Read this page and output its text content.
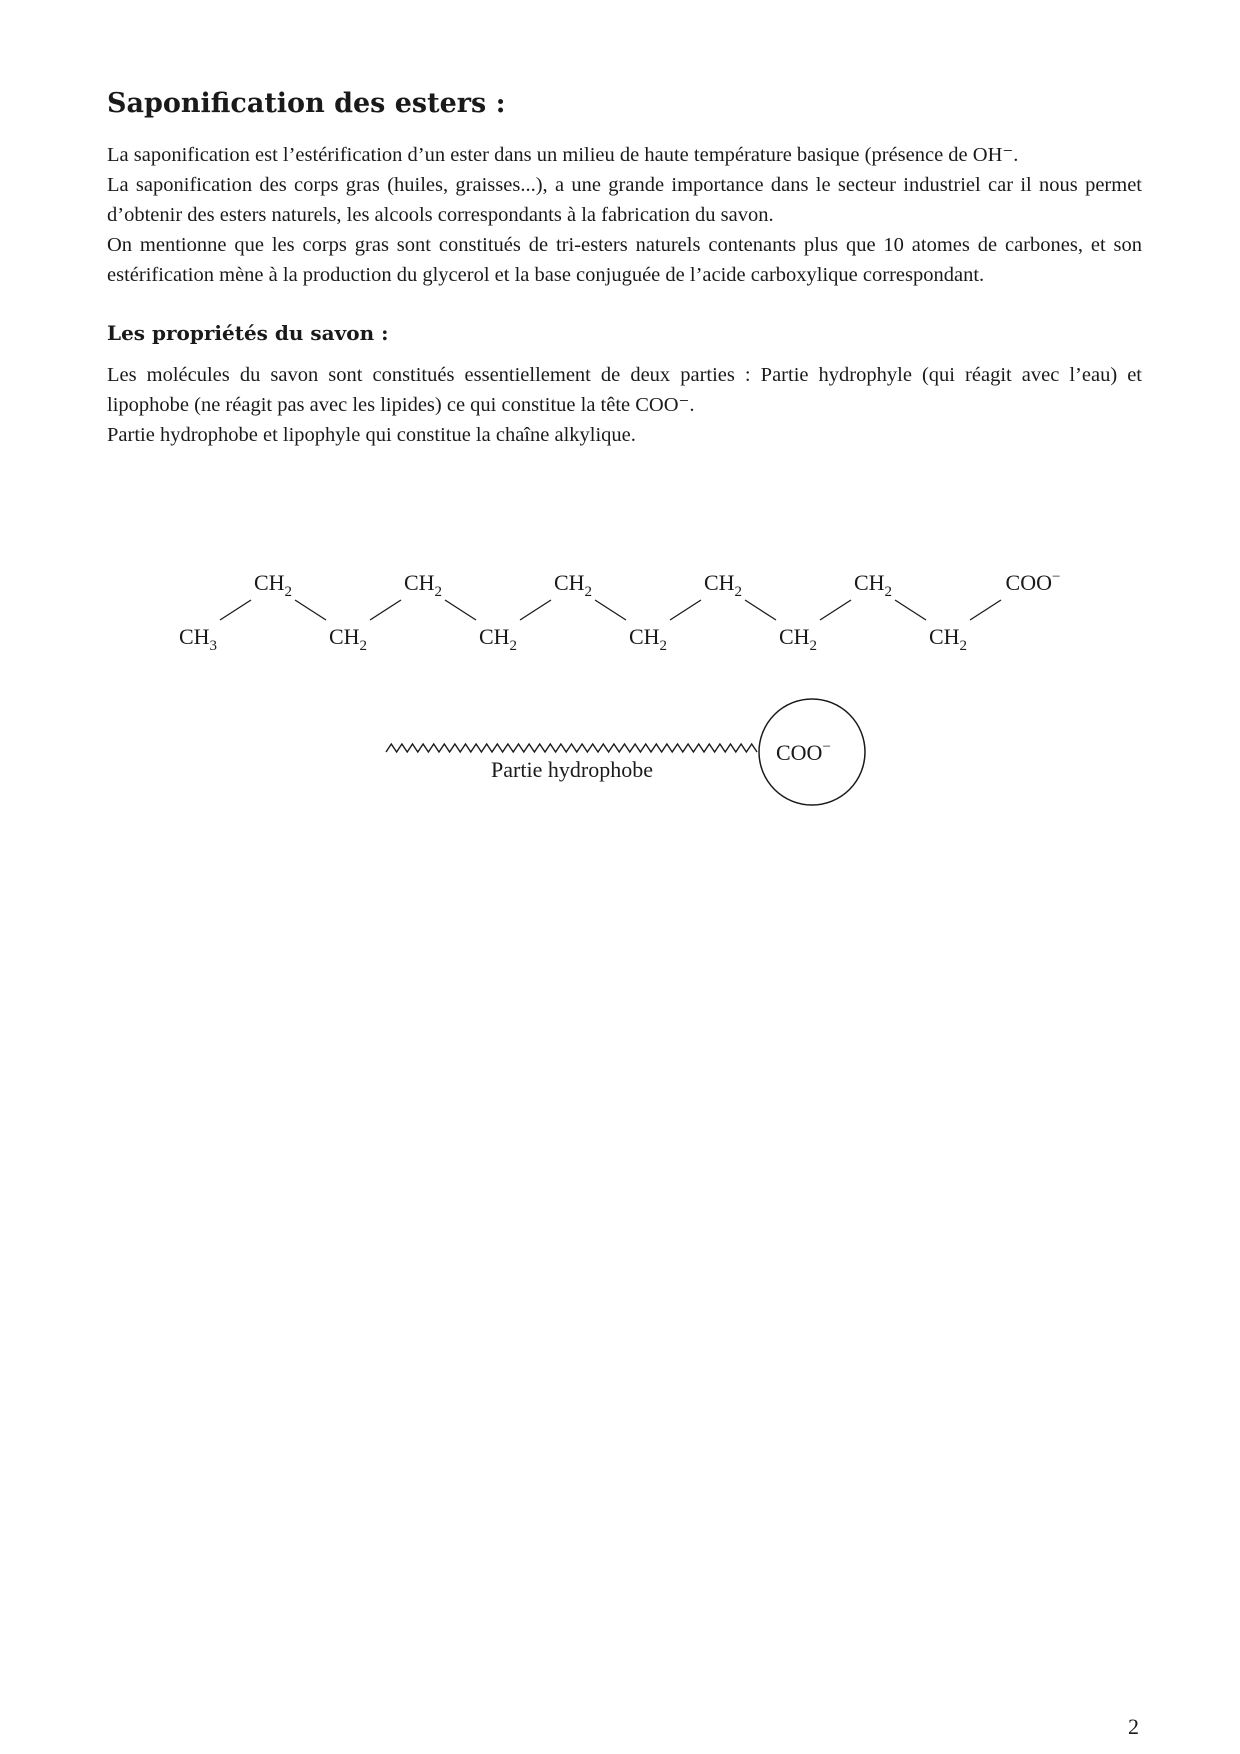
Saponification des esters :

La saponification est l’estérification d’un ester dans un milieu de haute température basique (présence de OH⁻.

La saponification des corps gras (huiles, graisses...), a une grande importance dans le secteur industriel car il nous permet d’obtenir des esters naturels, les alcools correspondants à la fabrication du savon.

On mentionne que les corps gras sont constitués de tri-esters naturels contenants plus que 10 atomes de carbones, et son estérification mène à la production du glycerol et la base conjuguée de l’acide carboxylique correspondant.

Les propriétés du savon :

Les molécules du savon sont constitués essentiellement de deux parties : Partie hydrophyle (qui réagit avec l’eau) et lipophobe (ne réagit pas avec les lipides) ce qui constitue la tête COO⁻.

Partie hydrophobe et lipophyle qui constitue la chaîne alkylique.

$CH_3$
$CH_2$
$CH_2$
$CH_2$
$CH_2$
$CH_2$
$CH_2$
$CH_2$
$CH_2$
$CH_2$
$CH_2$
COO−
Partie hydrophobe
COO−
2
